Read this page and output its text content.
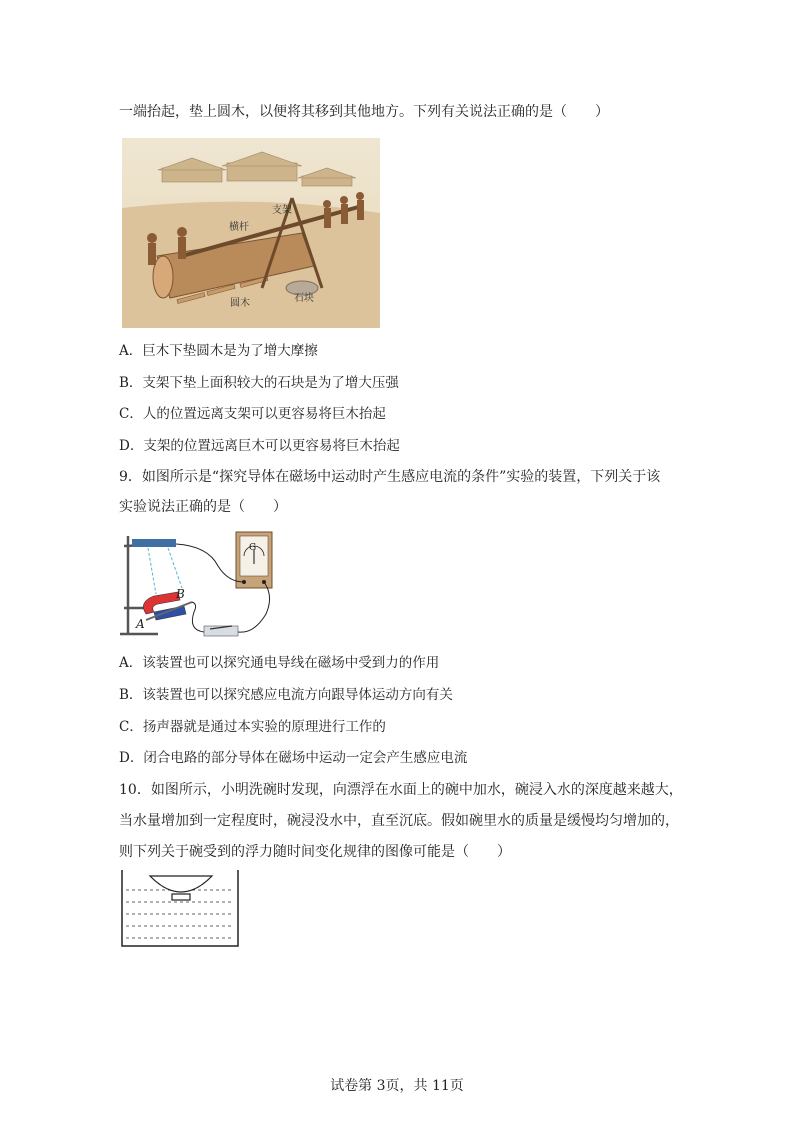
一端抬起，垫上圆木，以便将其移到其他地方。下列有关说法正确的是（　　）
支架
横杆
圆木	石块
A．巨木下垫圆木是为了增大摩擦
B．支架下垫上面积较大的石块是为了增大压强
C．人的位置远离支架可以更容易将巨木抬起
D．支架的位置远离巨木可以更容易将巨木抬起
9．如图所示是“探究导体在磁场中运动时产生感应电流的条件”实验的装置，下列关于该
实验说法正确的是（　　）
A
B
G
A．该装置也可以探究通电导线在磁场中受到力的作用
B．该装置也可以探究感应电流方向跟导体运动方向有关
C．扬声器就是通过本实验的原理进行工作的
D．闭合电路的部分导体在磁场中运动一定会产生感应电流
10．如图所示，小明洗碗时发现，向漂浮在水面上的碗中加水，碗浸入水的深度越来越大，
当水量增加到一定程度时，碗浸没水中，直至沉底。假如碗里水的质量是缓慢均匀增加的，
则下列关于碗受到的浮力随时间变化规律的图像可能是（　　）
试卷第 3页，共 11页
